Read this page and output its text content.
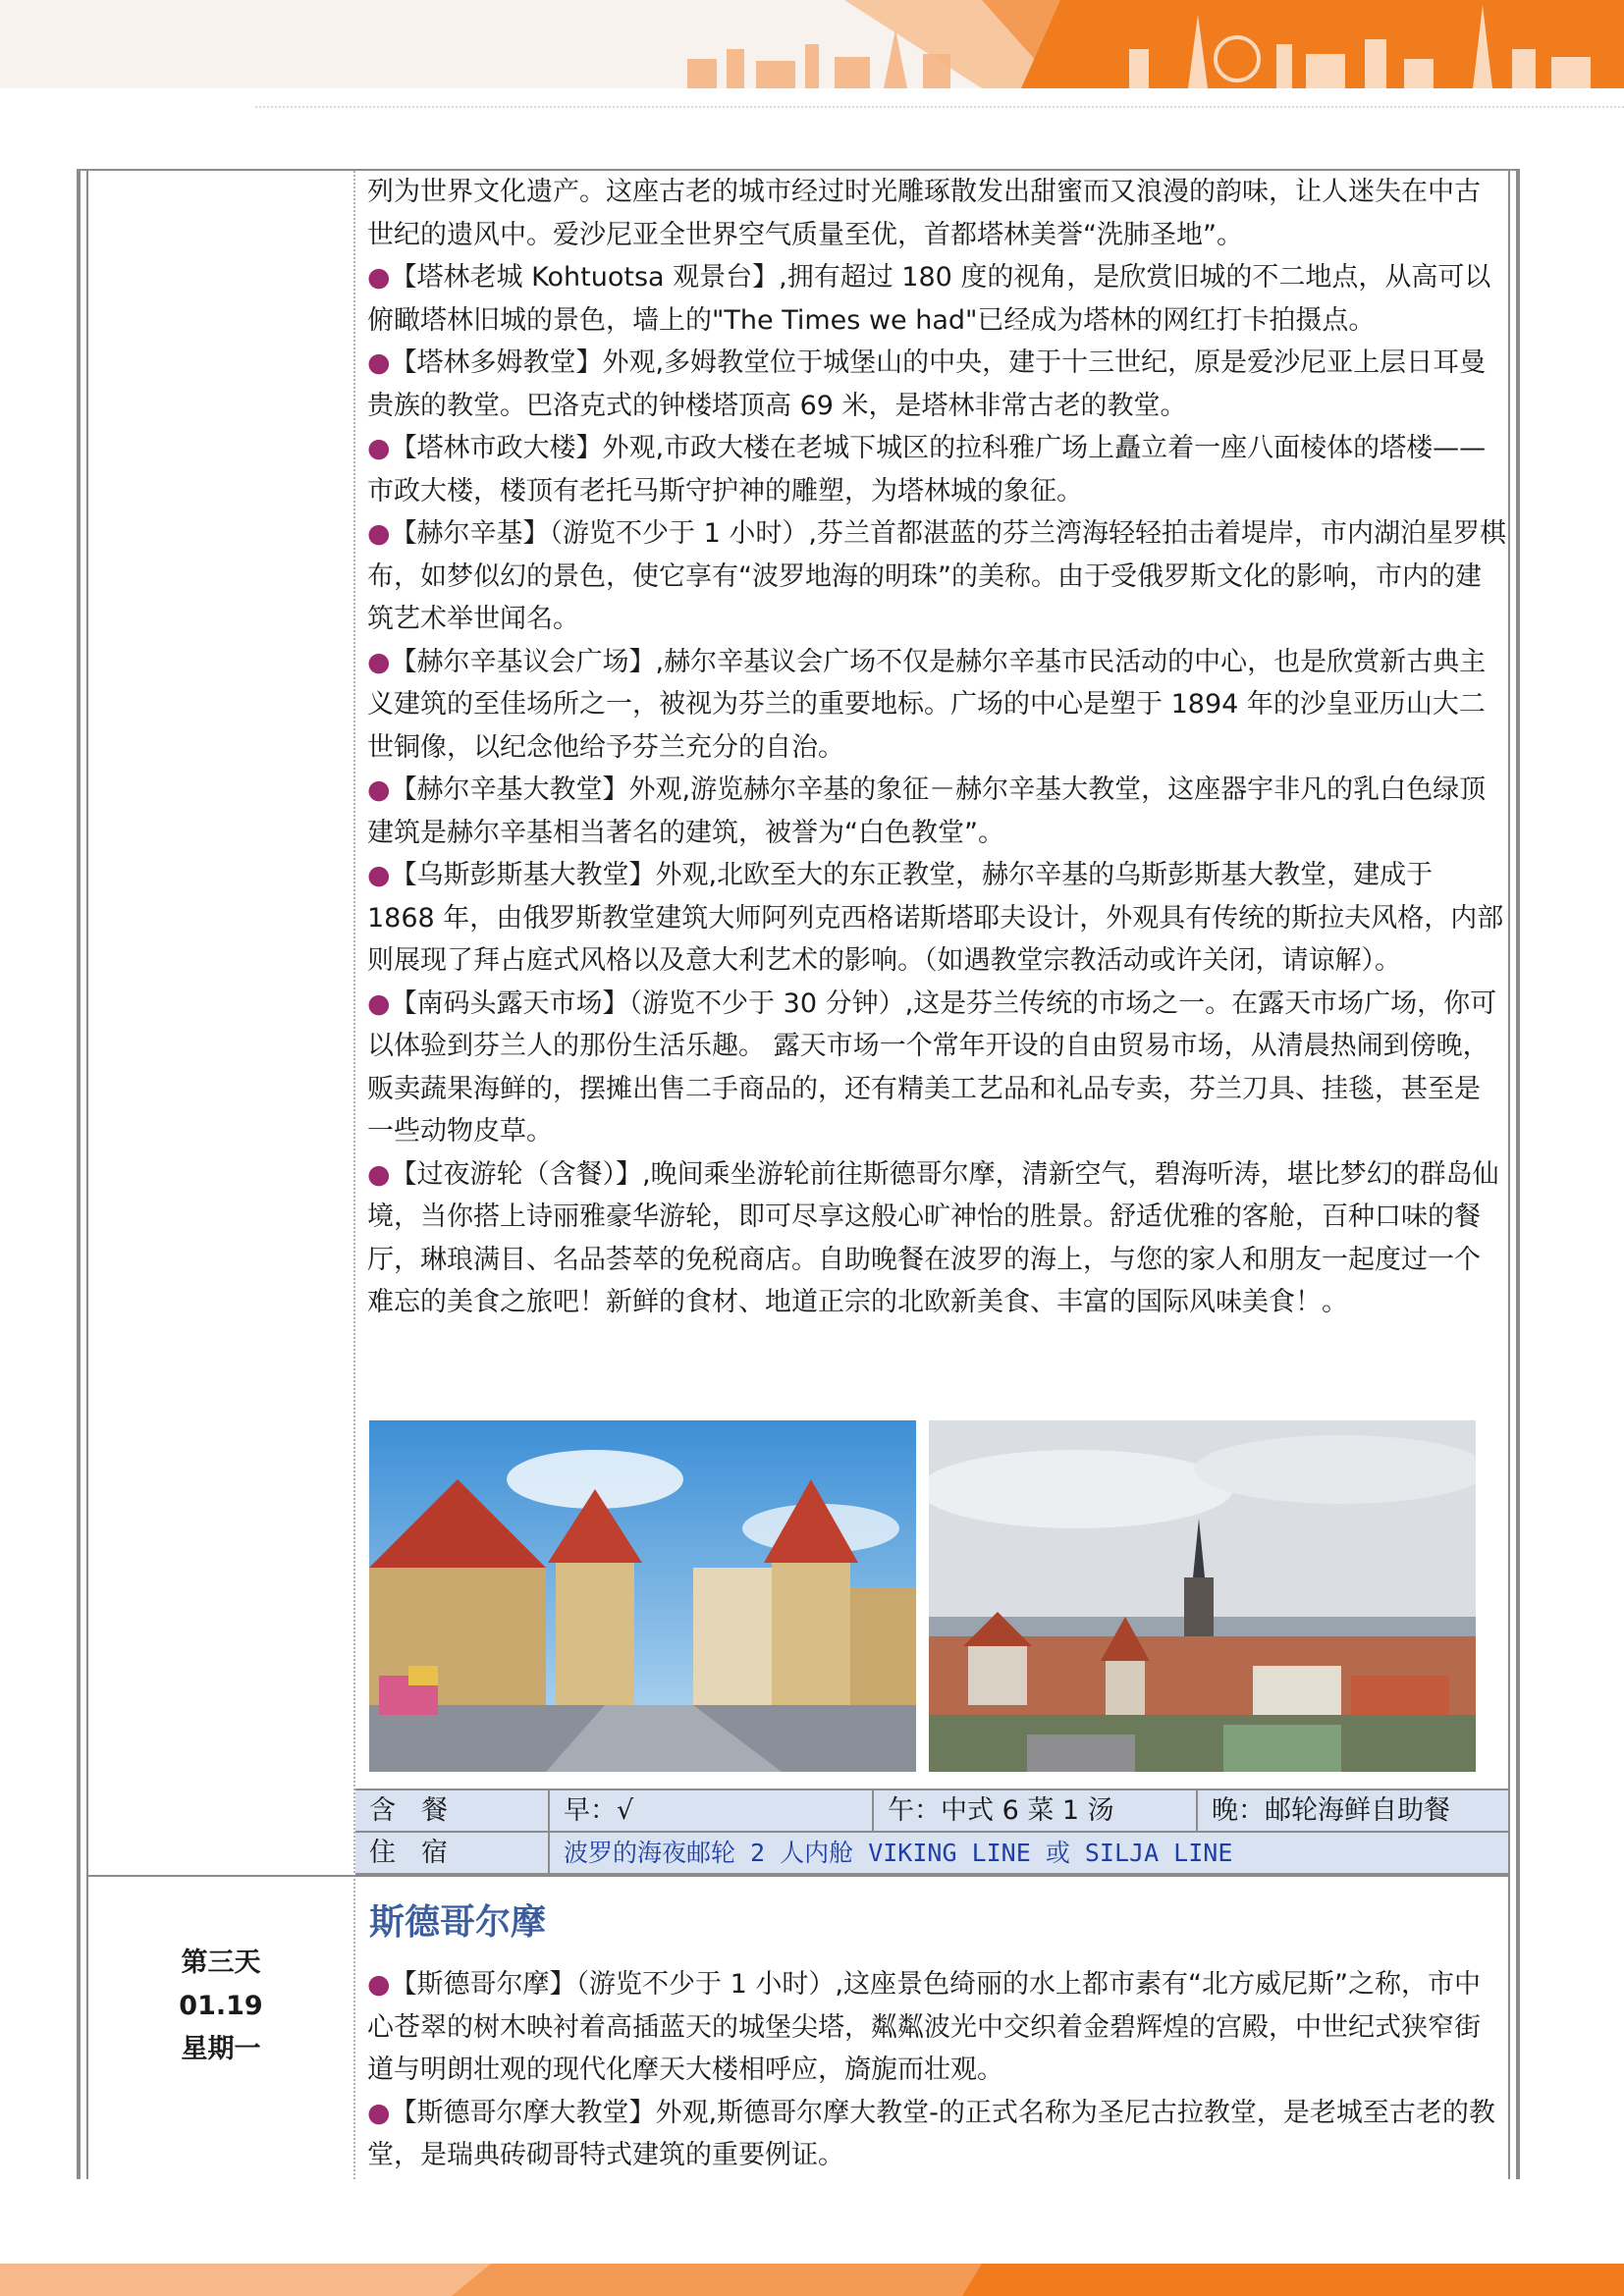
列为世界文化遗产。这座古老的城市经过时光雕琢散发出甜蜜而又浪漫的韵味，让人迷失在中古世纪的遗风中。爱沙尼亚全世界空气质量至优，首都塔林美誉“洗肺圣地”。

●【塔林老城 Kohtuotsa 观景台】,拥有超过 180 度的视角，是欣赏旧城的不二地点，从高可以俯瞰塔林旧城的景色，墙上的"The Times we had"已经成为塔林的网红打卡拍摄点。

●【塔林多姆教堂】外观,多姆教堂位于城堡山的中央，建于十三世纪，原是爱沙尼亚上层日耳曼贵族的教堂。巴洛克式的钟楼塔顶高 69 米，是塔林非常古老的教堂。

●【塔林市政大楼】外观,市政大楼在老城下城区的拉科雅广场上矗立着一座八面棱体的塔楼——市政大楼，楼顶有老托马斯守护神的雕塑，为塔林城的象征。

●【赫尔辛基】（游览不少于 1 小时）,芬兰首都湛蓝的芬兰湾海轻轻拍击着堤岸，市内湖泊星罗棋布，如梦似幻的景色，使它享有“波罗地海的明珠”的美称。由于受俄罗斯文化的影响，市内的建筑艺术举世闻名。

●【赫尔辛基议会广场】,赫尔辛基议会广场不仅是赫尔辛基市民活动的中心，也是欣赏新古典主义建筑的至佳场所之一，被视为芬兰的重要地标。广场的中心是塑于 1894 年的沙皇亚历山大二世铜像，以纪念他给予芬兰充分的自治。

●【赫尔辛基大教堂】外观,游览赫尔辛基的象征－赫尔辛基大教堂，这座器宇非凡的乳白色绿顶建筑是赫尔辛基相当著名的建筑，被誉为“白色教堂”。

●【乌斯彭斯基大教堂】外观,北欧至大的东正教堂，赫尔辛基的乌斯彭斯基大教堂，建成于 1868 年，由俄罗斯教堂建筑大师阿列克西格诺斯塔耶夫设计，外观具有传统的斯拉夫风格，内部则展现了拜占庭式风格以及意大利艺术的影响。（如遇教堂宗教活动或许关闭，请谅解）。

●【南码头露天市场】（游览不少于 30 分钟）,这是芬兰传统的市场之一。在露天市场广场，你可以体验到芬兰人的那份生活乐趣。 露天市场一个常年开设的自由贸易市场，从清晨热闹到傍晚，贩卖蔬果海鲜的，摆摊出售二手商品的，还有精美工艺品和礼品专卖，芬兰刀具、挂毯，甚至是一些动物皮草。

●【过夜游轮（含餐）】,晚间乘坐游轮前往斯德哥尔摩，清新空气，碧海听涛，堪比梦幻的群岛仙境，当你搭上诗丽雅豪华游轮，即可尽享这般心旷神怡的胜景。舒适优雅的客舱，百种口味的餐厅，琳琅满目、名品荟萃的免税商店。自助晚餐在波罗的海上，与您的家人和朋友一起度过一个难忘的美食之旅吧！新鲜的食材、地道正宗的北欧新美食、丰富的国际风味美食！。

含餐	早：√	午：中式 6 菜 1 汤	晚：邮轮海鲜自助餐
住宿	波罗的海夜邮轮 2 人内舱 VIKING LINE 或 SILJA LINE
第三天
01.19
星期一
斯德哥尔摩

●【斯德哥尔摩】（游览不少于 1 小时）,这座景色绮丽的水上都市素有“北方威尼斯”之称，市中心苍翠的树木映衬着高插蓝天的城堡尖塔，粼粼波光中交织着金碧辉煌的宫殿，中世纪式狭窄街道与明朗壮观的现代化摩天大楼相呼应，旖旎而壮观。

●【斯德哥尔摩大教堂】外观,斯德哥尔摩大教堂-的正式名称为圣尼古拉教堂，是老城至古老的教堂，是瑞典砖砌哥特式建筑的重要例证。
